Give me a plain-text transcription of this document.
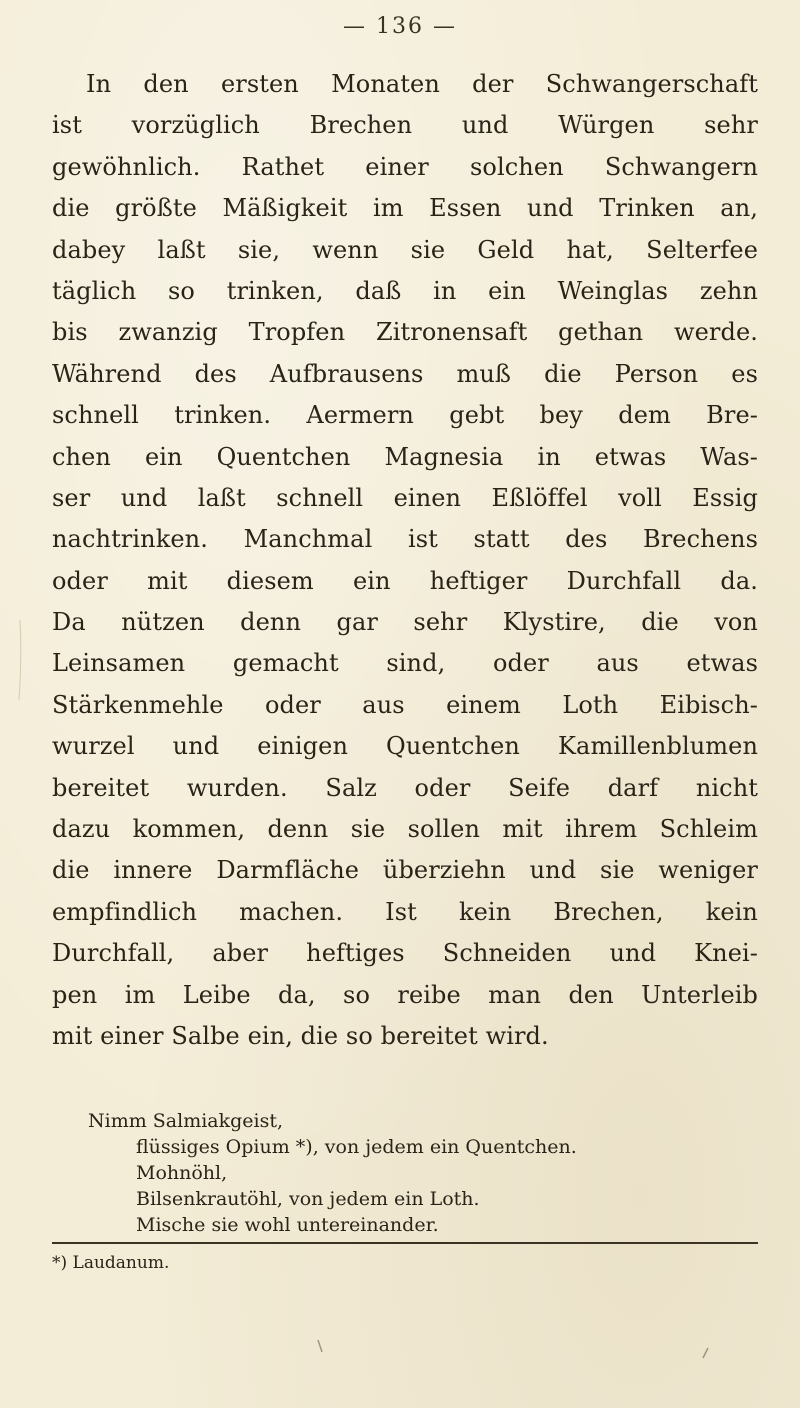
— 136 —
In den ersten Monaten der Schwangerschaft
ist vorzüglich Brechen und Würgen sehr
gewöhnlich. Rathet einer solchen Schwangern
die größte Mäßigkeit im Essen und Trinken an,
dabey laßt sie, wenn sie Geld hat, Selterfee
täglich so trinken, daß in ein Weinglas zehn
bis zwanzig Tropfen Zitronensaft gethan werde.
Während des Aufbrausens muß die Person es
schnell trinken. Aermern gebt bey dem Bre-
chen ein Quentchen Magnesia in etwas Was-
ser und laßt schnell einen Eßlöffel voll Essig
nachtrinken. Manchmal ist statt des Brechens
oder mit diesem ein heftiger Durchfall da.
Da nützen denn gar sehr Klystire, die von
Leinsamen gemacht sind, oder aus etwas
Stärkenmehle oder aus einem Loth Eibisch-
wurzel und einigen Quentchen Kamillenblumen
bereitet wurden. Salz oder Seife darf nicht
dazu kommen, denn sie sollen mit ihrem Schleim
die innere Darmfläche überziehn und sie weniger
empfindlich machen. Ist kein Brechen, kein
Durchfall, aber heftiges Schneiden und Knei-
pen im Leibe da, so reibe man den Unterleib
mit einer Salbe ein, die so bereitet wird.
Nimm Salmiakgeist,
flüssiges Opium *), von jedem ein Quentchen.
Mohnöhl,
Bilsenkrautöhl, von jedem ein Loth.
Mische sie wohl untereinander.
*) Laudanum.
